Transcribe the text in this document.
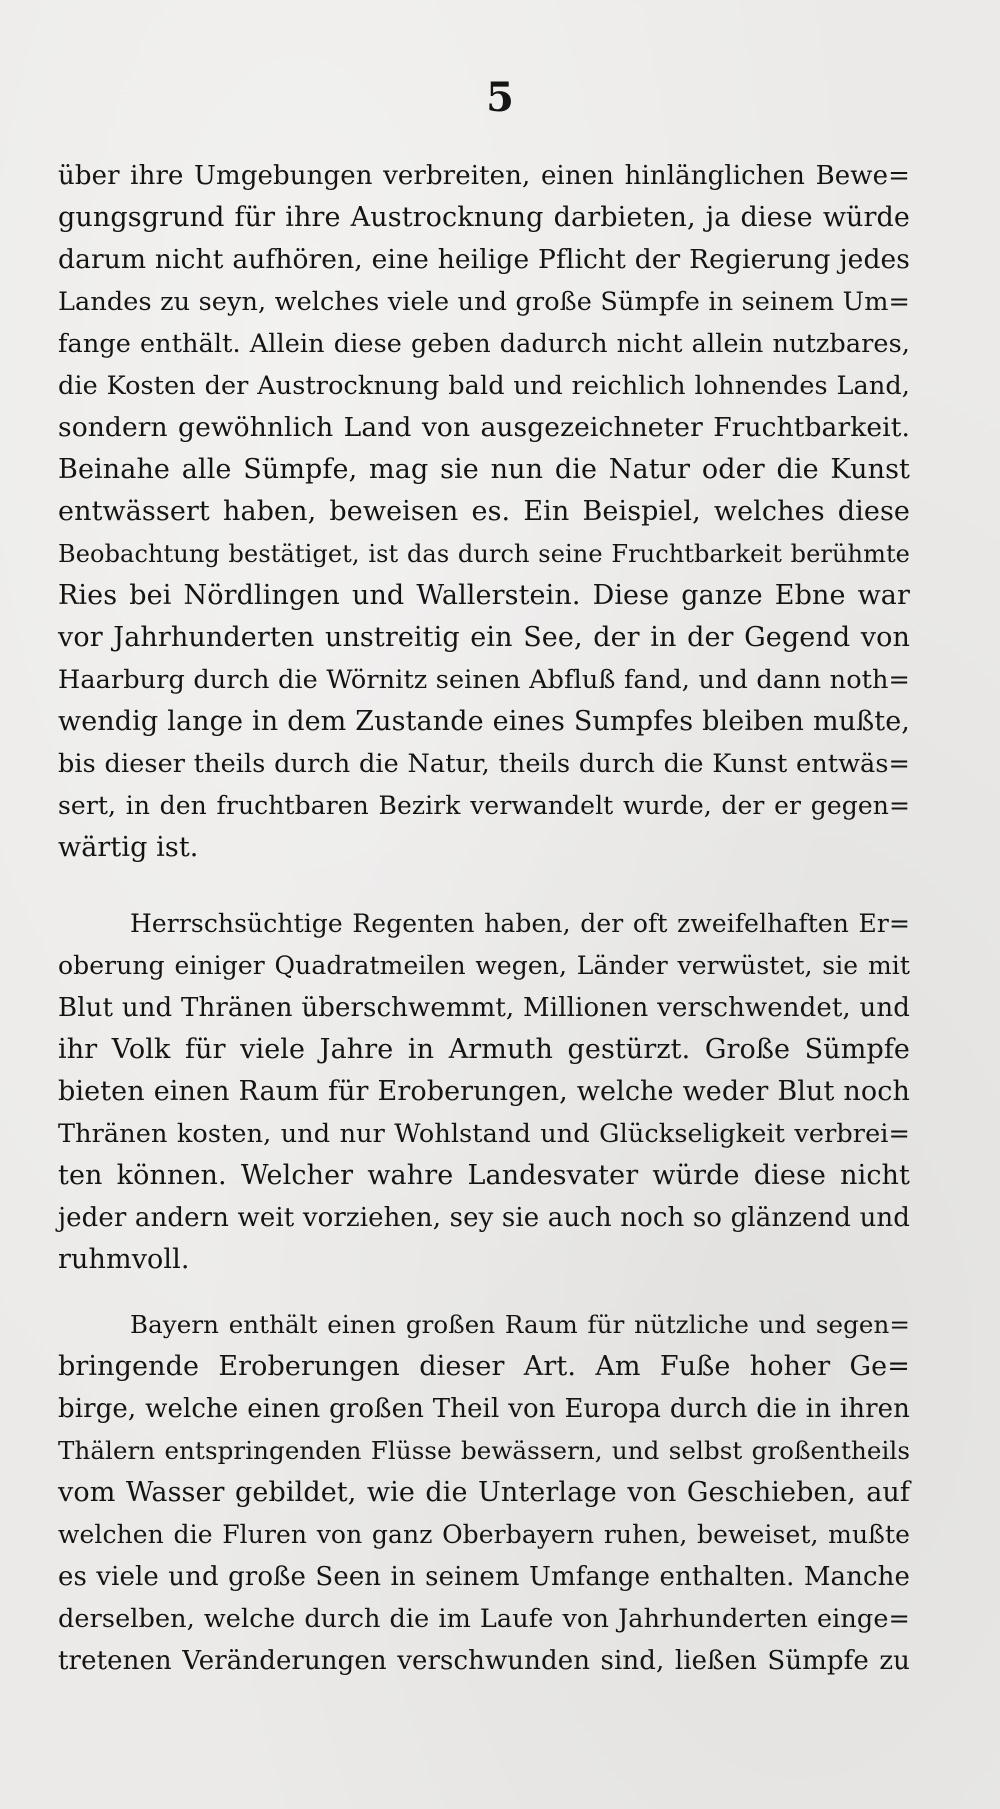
5
über ihre Umgebungen verbreiten, einen hinlänglichen Bewe=
gungsgrund für ihre Austrocknung darbieten, ja diese würde
darum nicht aufhören, eine heilige Pflicht der Regierung jedes
Landes zu seyn, welches viele und große Sümpfe in seinem Um=
fange enthält. Allein diese geben dadurch nicht allein nutzbares,
die Kosten der Austrocknung bald und reichlich lohnendes Land,
sondern gewöhnlich Land von ausgezeichneter Fruchtbarkeit.
Beinahe alle Sümpfe, mag sie nun die Natur oder die Kunst
entwässert haben, beweisen es. Ein Beispiel, welches diese
Beobachtung bestätiget, ist das durch seine Fruchtbarkeit berühmte
Ries bei Nördlingen und Wallerstein. Diese ganze Ebne war
vor Jahrhunderten unstreitig ein See, der in der Gegend von
Haarburg durch die Wörnitz seinen Abfluß fand, und dann noth=
wendig lange in dem Zustande eines Sumpfes bleiben mußte,
bis dieser theils durch die Natur, theils durch die Kunst entwäs=
sert, in den fruchtbaren Bezirk verwandelt wurde, der er gegen=
wärtig ist.
Herrschsüchtige Regenten haben, der oft zweifelhaften Er=
oberung einiger Quadratmeilen wegen, Länder verwüstet, sie mit
Blut und Thränen überschwemmt, Millionen verschwendet, und
ihr Volk für viele Jahre in Armuth gestürzt. Große Sümpfe
bieten einen Raum für Eroberungen, welche weder Blut noch
Thränen kosten, und nur Wohlstand und Glückseligkeit verbrei=
ten können. Welcher wahre Landesvater würde diese nicht
jeder andern weit vorziehen, sey sie auch noch so glänzend und
ruhmvoll.
Bayern enthält einen großen Raum für nützliche und segen=
bringende Eroberungen dieser Art. Am Fuße hoher Ge=
birge, welche einen großen Theil von Europa durch die in ihren
Thälern entspringenden Flüsse bewässern, und selbst großentheils
vom Wasser gebildet, wie die Unterlage von Geschieben, auf
welchen die Fluren von ganz Oberbayern ruhen, beweiset, mußte
es viele und große Seen in seinem Umfange enthalten. Manche
derselben, welche durch die im Laufe von Jahrhunderten einge=
tretenen Veränderungen verschwunden sind, ließen Sümpfe zu
